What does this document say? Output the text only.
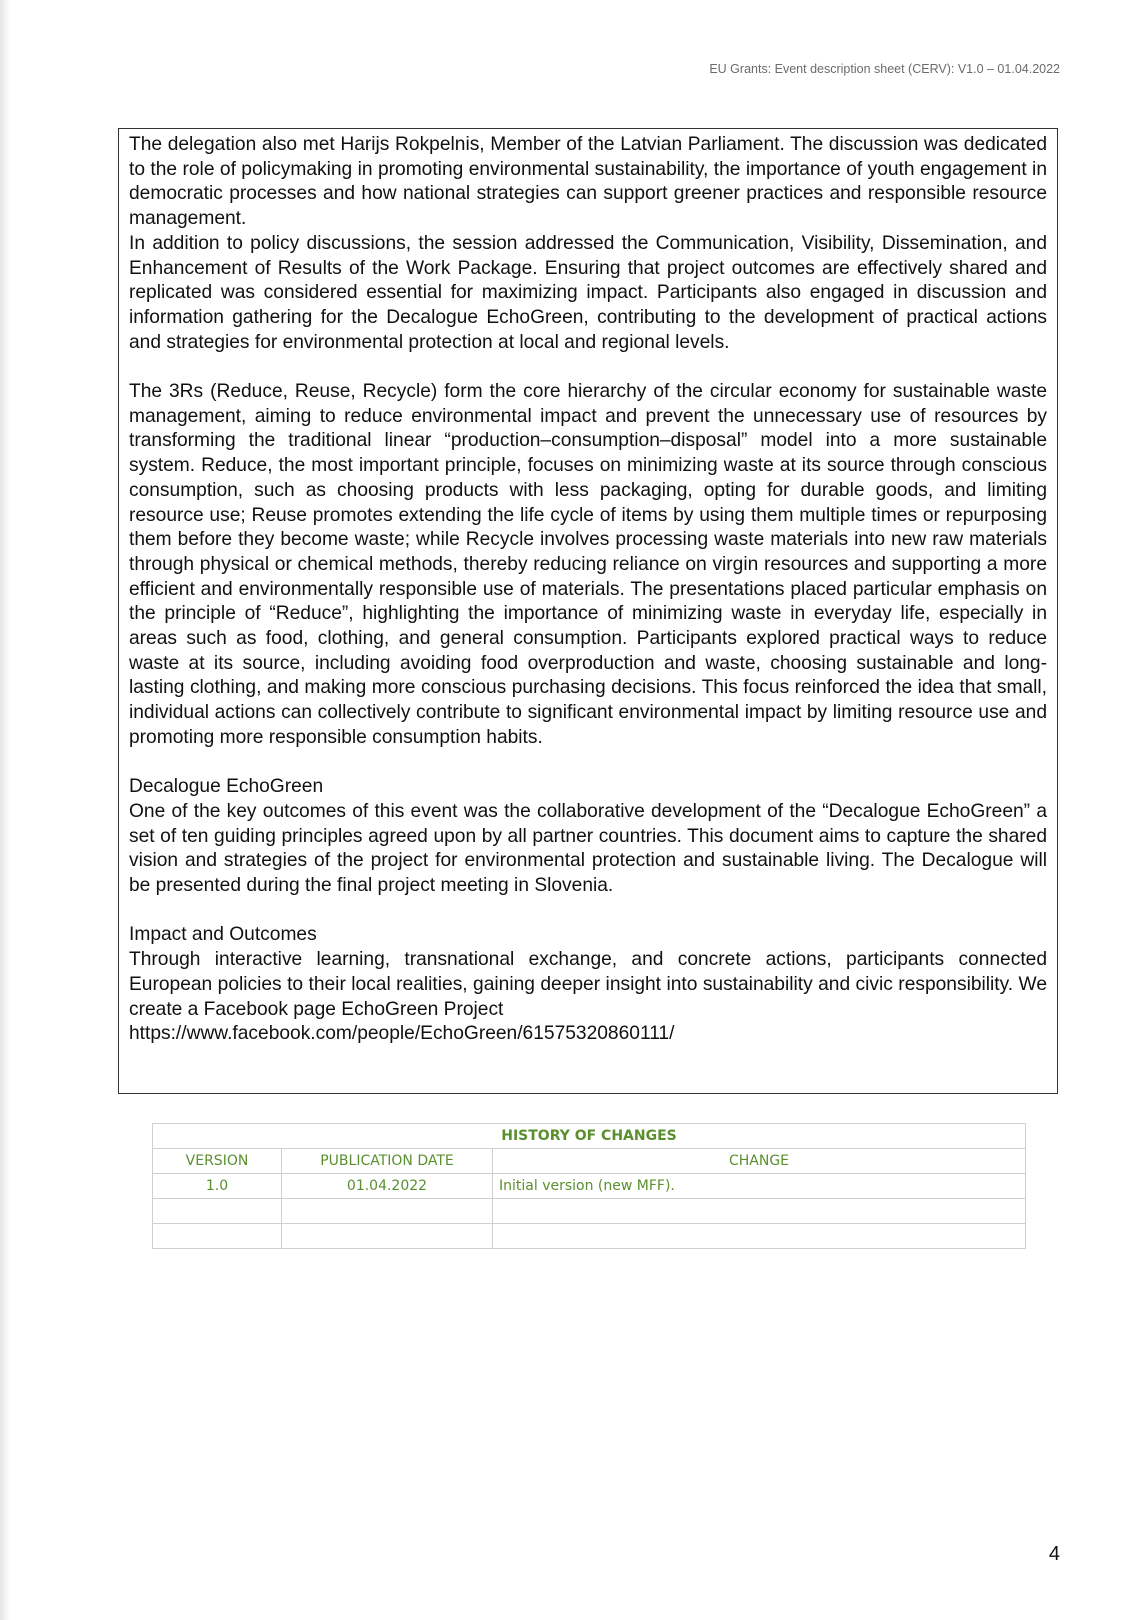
EU Grants: Event description sheet (CERV): V1.0 – 01.04.2022

The delegation also met Harijs Rokpelnis, Member of the Latvian Parliament. The discussion was dedicated to the role of policymaking in promoting environmental sustainability, the importance of youth engagement in democratic processes and how national strategies can support greener practices and responsible resource management.

In addition to policy discussions, the session addressed the Communication, Visibility, Dissemination, and Enhancement of Results of the Work Package. Ensuring that project outcomes are effectively shared and replicated was considered essential for maximizing impact. Participants also engaged in discussion and information gathering for the Decalogue EchoGreen, contributing to the development of practical actions and strategies for environmental protection at local and regional levels.

The 3Rs (Reduce, Reuse, Recycle) form the core hierarchy of the circular economy for sustainable waste management, aiming to reduce environmental impact and prevent the unnecessary use of resources by transforming the traditional linear “production–consumption–disposal” model into a more sustainable system. Reduce, the most important principle, focuses on minimizing waste at its source through conscious consumption, such as choosing products with less packaging, opting for durable goods, and limiting resource use; Reuse promotes extending the life cycle of items by using them multiple times or repurposing them before they become waste; while Recycle involves processing waste materials into new raw materials through physical or chemical methods, thereby reducing reliance on virgin resources and supporting a more efficient and environmentally responsible use of materials. The presentations placed particular emphasis on the principle of “Reduce”, highlighting the importance of minimizing waste in everyday life, especially in areas such as food, clothing, and general consumption. Participants explored practical ways to reduce waste at its source, including avoiding food overproduction and waste, choosing sustainable and long-lasting clothing, and making more conscious purchasing decisions. This focus reinforced the idea that small, individual actions can collectively contribute to significant environmental impact by limiting resource use and promoting more responsible consumption habits.

Decalogue EchoGreen

One of the key outcomes of this event was the collaborative development of the “Decalogue EchoGreen” a set of ten guiding principles agreed upon by all partner countries. This document aims to capture the shared vision and strategies of the project for environmental protection and sustainable living. The Decalogue will be presented during the final project meeting in Slovenia.

Impact and Outcomes

Through interactive learning, transnational exchange, and concrete actions, participants connected European policies to their local realities, gaining deeper insight into sustainability and civic responsibility. We create a Facebook page EchoGreen Project

https://www.facebook.com/people/EchoGreen/61575320860111/

HISTORY OF CHANGES		
VERSION	PUBLICATION DATE	CHANGE
1.0	01.04.2022	Initial version (new MFF).

4
